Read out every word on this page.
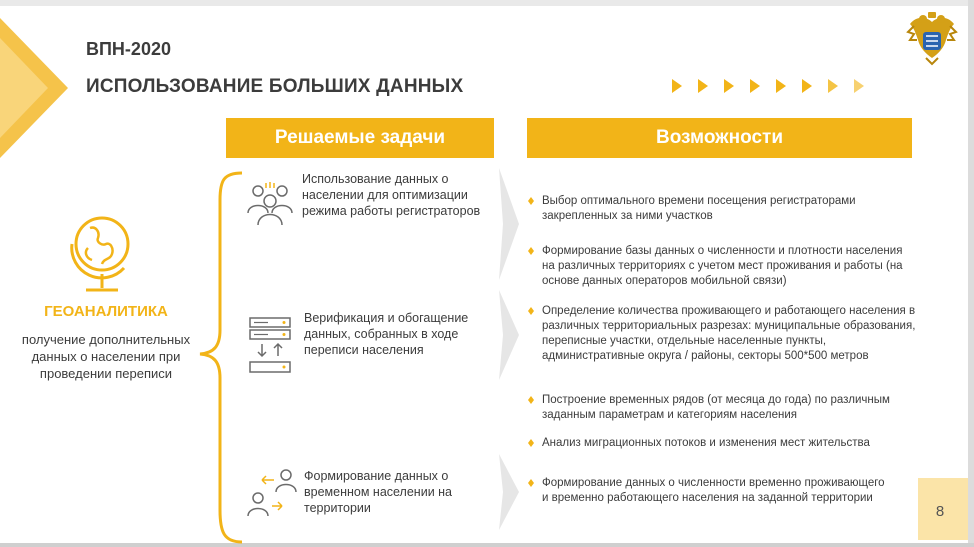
ВПН-2020
ИСПОЛЬЗОВАНИЕ БОЛЬШИХ ДАННЫХ
Решаемые задачи	Возможности
ГЕОАНАЛИТИКА
получение дополнительных данных о населении при проведении переписи
Использование данных о населении для оптимизации режима работы регистраторов
Верификация и обогащение данных, собранных в ходе переписи населения
Формирование данных о временном населении на территории
Выбор оптимального времени посещения регистраторами закрепленных за ними участков
Формирование базы данных о численности и плотности населения на различных территориях с учетом мест проживания и работы (на основе данных операторов мобильной связи)
Определение количества проживающего и работающего населения в различных территориальных разрезах: муниципальные образования, переписные участки, отдельные населенные пункты, административные округа / районы, секторы 500*500 метров
Построение временных рядов (от месяца до года) по различным заданным параметрам и категориям населения
Анализ миграционных потоков и изменения мест жительства
Формирование данных о численности временно проживающего и временно работающего населения на заданной территории
8
